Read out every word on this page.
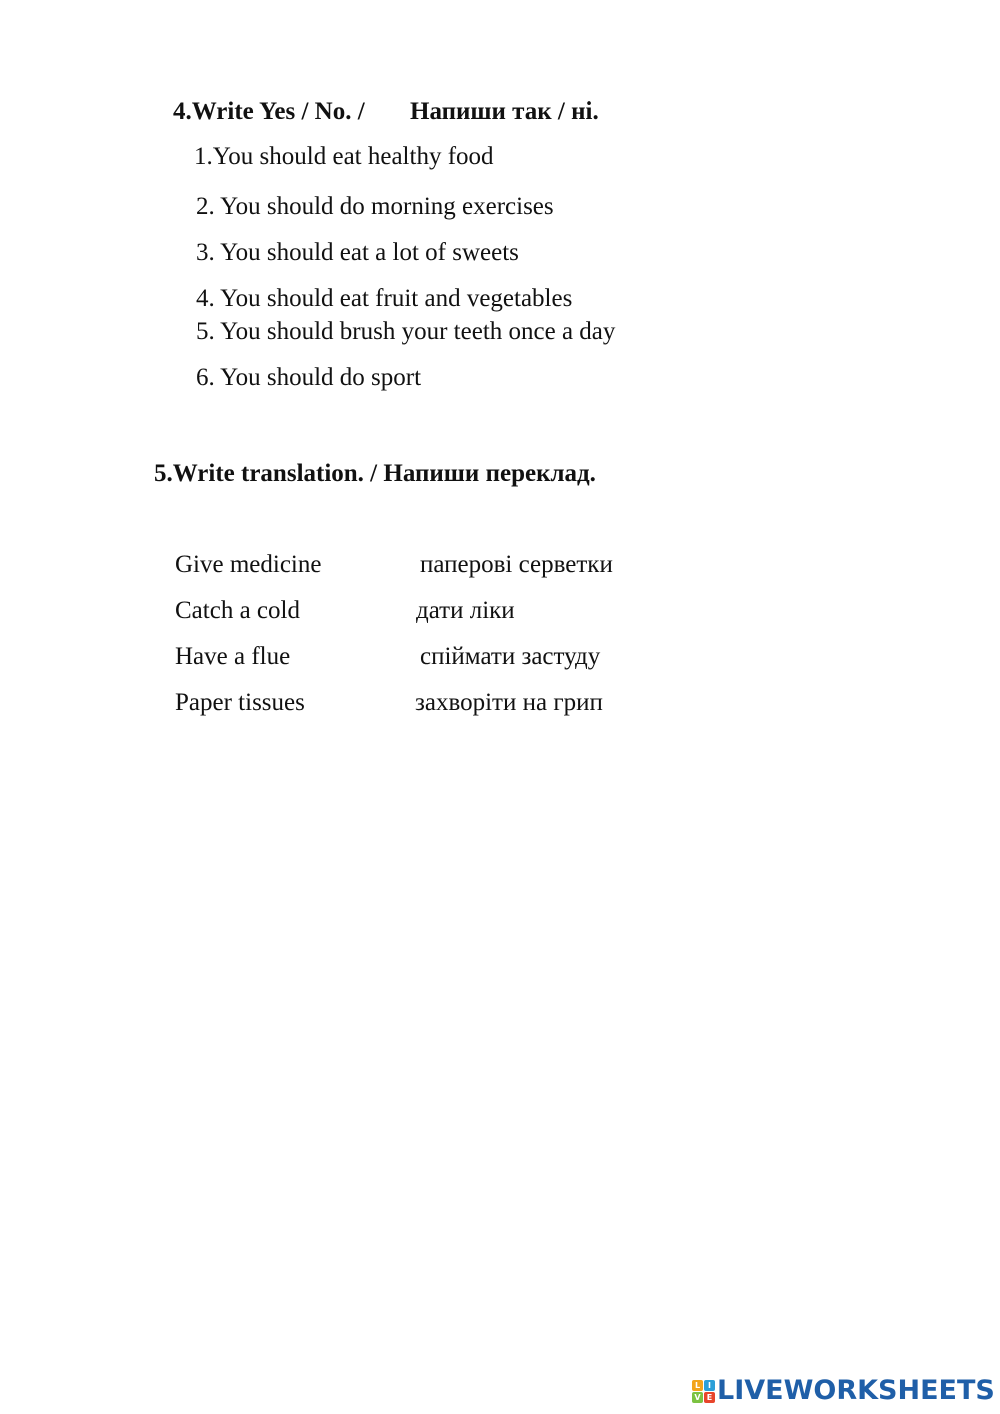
4.Write Yes / No. / Напиши так / ні.
1.You should eat healthy food
2. You should do morning exercises
3. You should eat a lot of sweets
4. You should eat fruit and vegetables
5. You should brush your teeth once a day
6. You should do sport
5.Write translation. / Напиши переклад.
Give medicine	паперові серветки
Catch a cold	дати ліки
Have a flue	спіймати застуду
Paper tissues	захворіти на грип
L I
V E LIVEWORKSHEETS
